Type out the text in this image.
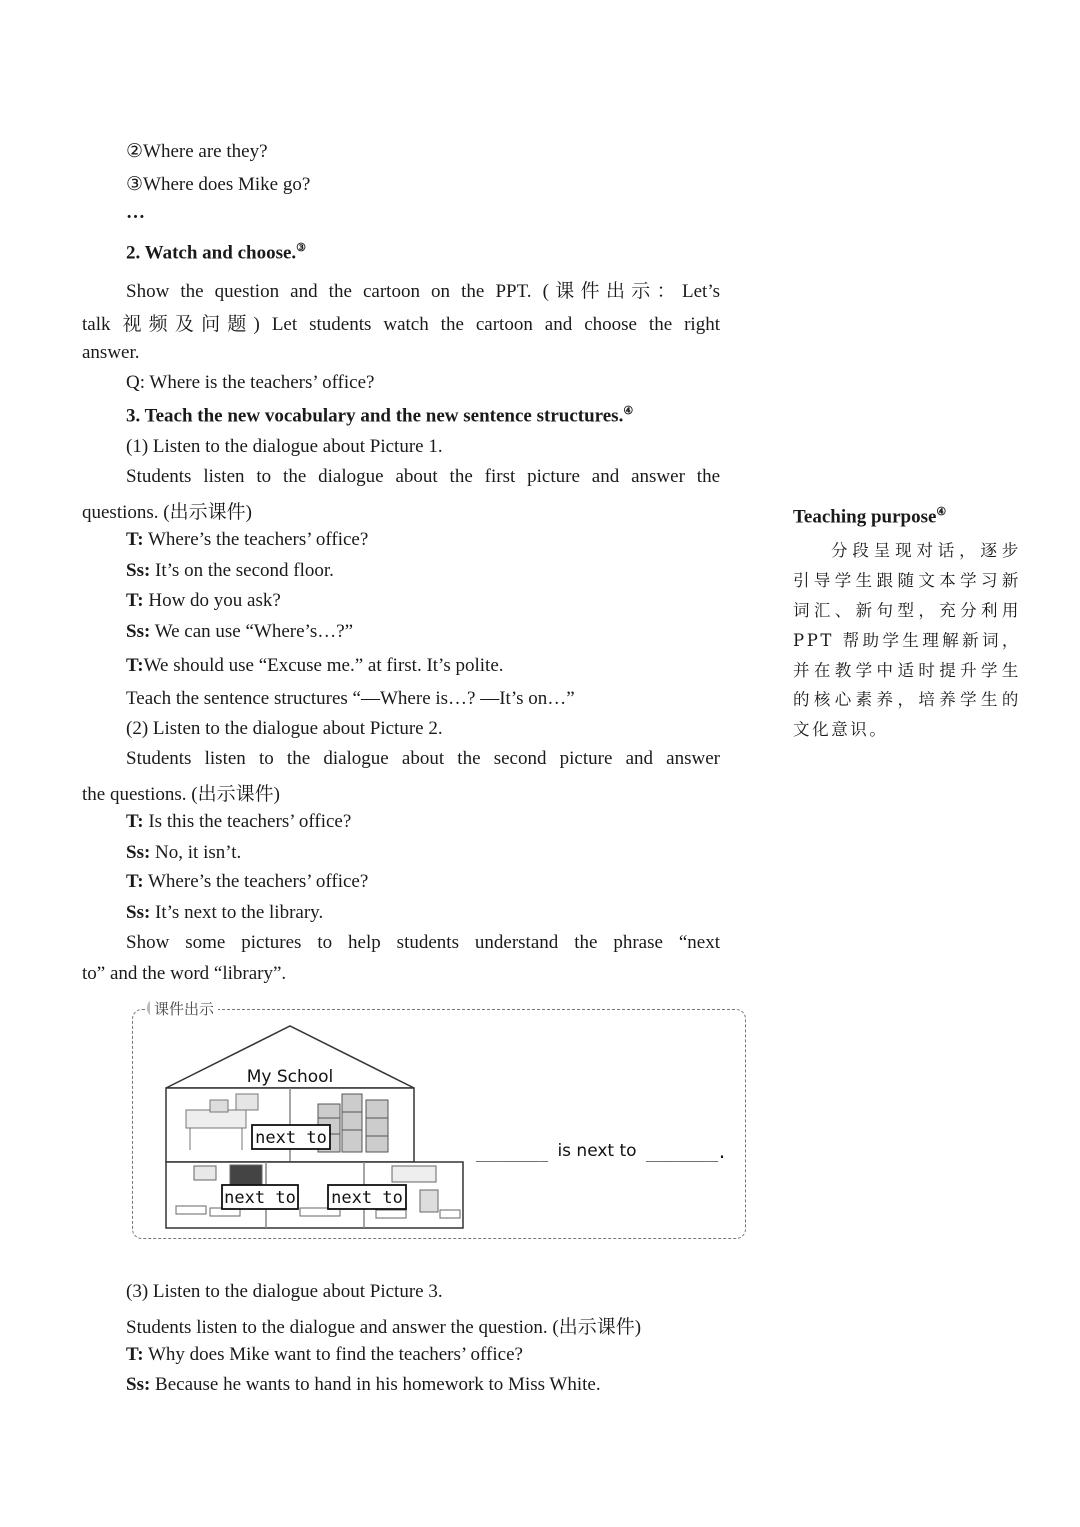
②Where are they?
③Where does Mike go?
…
2. Watch and choose.③
Show the question and the cartoon on the PPT. (课件出示：Let’s
talk 视频及问题) Let students watch the cartoon and choose the right
answer.
Q: Where is the teachers’ office?
3. Teach the new vocabulary and the new sentence structures.④
(1) Listen to the dialogue about Picture 1.
Students listen to the dialogue about the first picture and answer the
questions. (出示课件)
T: Where’s the teachers’ office?
Ss: It’s on the second floor.
T: How do you ask?
Ss: We can use “Where’s…?”
T:We should use “Excuse me.” at first. It’s polite.
Teach the sentence structures “—Where is…? —It’s on…”
(2) Listen to the dialogue about Picture 2.
Students listen to the dialogue about the second picture and answer
the questions. (出示课件)
T: Is this the teachers’ office?
Ss: No, it isn’t.
T: Where’s the teachers’ office?
Ss: It’s next to the library.
Show some pictures to help students understand the phrase “next
to” and the word “library”.
(3) Listen to the dialogue about Picture 3.
Students listen to the dialogue and answer the question. (出示课件)
T: Why does Mike want to find the teachers’ office?
Ss: Because he wants to hand in his homework to Miss White.
课件出示
My School
next to
next to next to
________ is next to ________
.
Teaching purpose④
分段呈现对话，逐步引导学生跟随文本学习新词汇、新句型，充分利用 PPT 帮助学生理解新词，并在教学中适时提升学生的核心素养，培养学生的文化意识。
